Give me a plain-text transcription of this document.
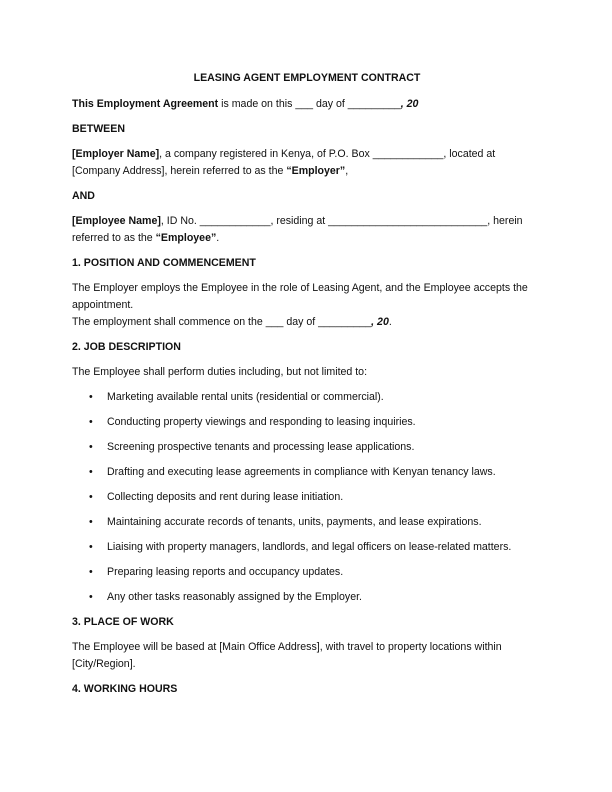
LEASING AGENT EMPLOYMENT CONTRACT

This Employment Agreement is made on this ___ day of _________, 20

BETWEEN

[Employer Name], a company registered in Kenya, of P.O. Box ____________, located at [Company Address], herein referred to as the “Employer”,

AND

[Employee Name], ID No. ____________, residing at ___________________________, herein referred to as the “Employee”.

1. POSITION AND COMMENCEMENT

The Employer employs the Employee in the role of Leasing Agent, and the Employee accepts the appointment.
The employment shall commence on the ___ day of _________, 20.

2. JOB DESCRIPTION

The Employee shall perform duties including, but not limited to:

• Marketing available rental units (residential or commercial).
• Conducting property viewings and responding to leasing inquiries.
• Screening prospective tenants and processing lease applications.
• Drafting and executing lease agreements in compliance with Kenyan tenancy laws.
• Collecting deposits and rent during lease initiation.
• Maintaining accurate records of tenants, units, payments, and lease expirations.
• Liaising with property managers, landlords, and legal officers on lease-related matters.
• Preparing leasing reports and occupancy updates.
• Any other tasks reasonably assigned by the Employer.
3. PLACE OF WORK

The Employee will be based at [Main Office Address], with travel to property locations within [City/Region].

4. WORKING HOURS
